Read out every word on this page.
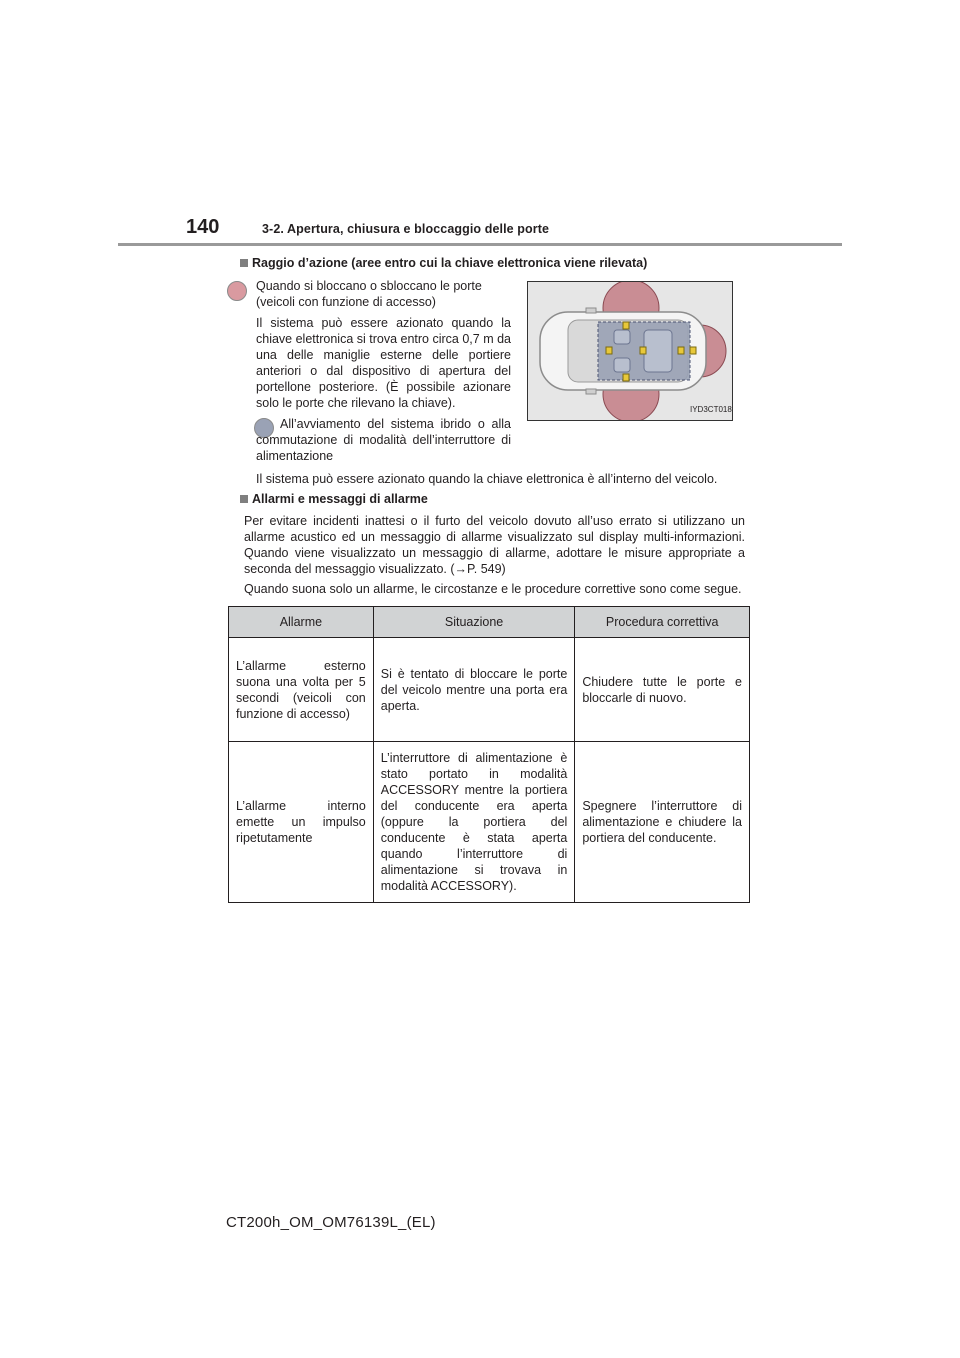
140	3-2. Apertura, chiusura e bloccaggio delle porte
Raggio d’azione (aree entro cui la chiave elettronica viene rilevata)
Quando si bloccano o sbloccano le porte (veicoli con funzione di accesso)
Il sistema può essere azionato quando la chiave elettronica si trova entro circa 0,7 m da una delle maniglie esterne delle portiere anteriori o dal dispositivo di apertura del portellone posteriore. (È possibile azionare solo le porte che rilevano la chiave).
All’avviamento del sistema ibrido o alla commutazione di modalità dell’interruttore di alimentazione
Il sistema può essere azionato quando la chiave elettronica è all’interno del veicolo.
IYD3CT018
Allarmi e messaggi di allarme
Per evitare incidenti inattesi o il furto del veicolo dovuto all’uso errato si utilizzano un allarme acustico ed un messaggio di allarme visualizzato sul display multi-informazioni. Quando viene visualizzato un messaggio di allarme, adottare le misure appropriate a seconda del messaggio visualizzato. (→P. 549)
Quando suona solo un allarme, le circostanze e le procedure correttive sono come segue.
Allarme	Situazione	Procedura correttiva
L’allarme esterno suona una volta per 5 secondi (veicoli con funzione di accesso)	Si è tentato di bloccare le porte del veicolo mentre una porta era aperta.	Chiudere tutte le porte e bloccarle di nuovo.
L’allarme interno emette un impulso ripetutamente	L’interruttore di alimentazione è stato portato in modalità ACCESSORY mentre la portiera del conducente era aperta (oppure la portiera del conducente è stata aperta quando l’interruttore di alimentazione si trovava in modalità ACCESSORY).	Spegnere l’interruttore di alimentazione e chiudere la portiera del conducente.
CT200h_OM_OM76139L_(EL)
